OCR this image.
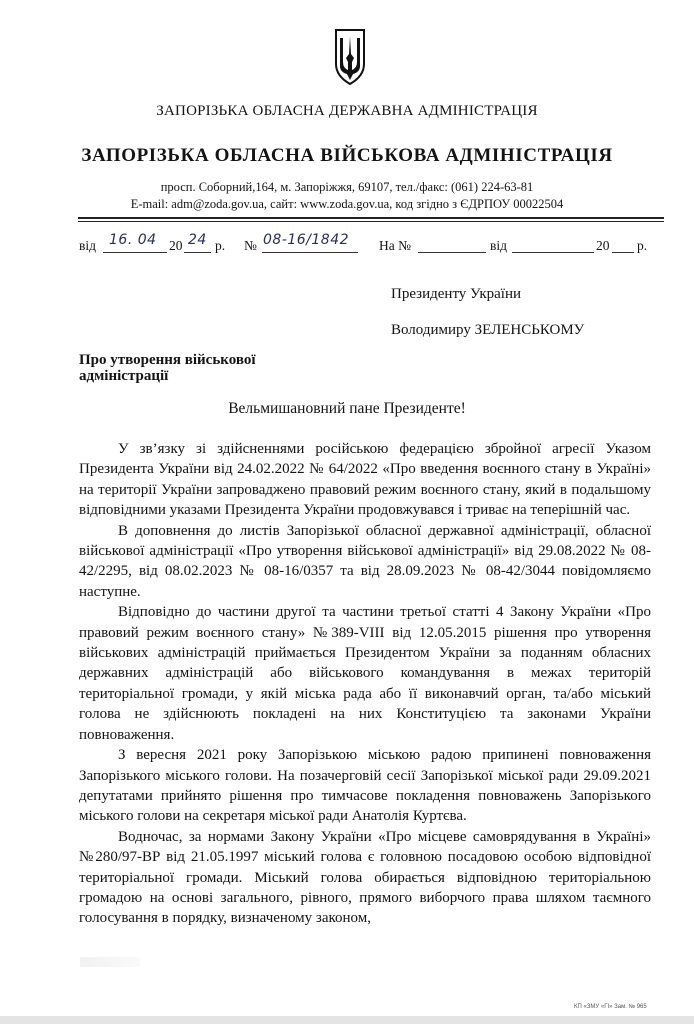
ЗАПОРІЗЬКА ОБЛАСНА ДЕРЖАВНА АДМІНІСТРАЦІЯ
ЗАПОРІЗЬКА ОБЛАСНА ВІЙСЬКОВА АДМІНІСТРАЦІЯ
просп. Соборний,164, м. Запоріжжя, 69107, тел./факс: (061) 224-63-81
E-mail: adm@zoda.gov.ua, сайт: www.zoda.gov.ua, код згідно з ЄДРПОУ 00022504
від 16. 04 20 24 р. № 08-16/1842 На №	від	20 р.
Президенту України
Володимиру ЗЕЛЕНСЬКОМУ
Про утворення військової
адміністрації
Вельмишановний пане Президенте!

У зв’язку зі здійсненнями російською федерацією збройної агресії Указом Президента України від 24.02.2022 № 64/2022 «Про введення воєнного стану в Україні» на території України запроваджено правовий режим воєнного стану, який в подальшому відповідними указами Президента України продовжувався і триває на теперішній час.

В доповнення до листів Запорізької обласної державної адміністрації, обласної військової адміністрації «Про утворення військової адміністрації» від 29.08.2022 № 08-42/2295, від 08.02.2023 № 08-16/0357 та від 28.09.2023 № 08-42/3044 повідомляємо наступне.

Відповідно до частини другої та частини третьої статті 4 Закону України «Про правовий режим воєнного стану» №389-VIII від 12.05.2015 рішення про утворення військових адміністрацій приймається Президентом України за поданням обласних державних адміністрацій або військового командування в межах територій територіальної громади, у якій міська рада або її виконавчий орган, та/або міський голова не здійснюють покладені на них Конституцією та законами України повноваження.

З вересня 2021 року Запорізькою міською радою припинені повноваження Запорізького міського голови. На позачерговій сесії Запорізької міської ради 29.09.2021 депутатами прийнято рішення про тимчасове покладення повноважень Запорізького міського голови на секретаря міської ради Анатолія Куртєва.

Водночас, за нормами Закону України «Про місцеве самоврядування в Україні» №280/97-ВР від 21.05.1997 міський голова є головною посадовою особою відповідної територіальної громади. Міський голова обирається відповідною територіальною громадою на основі загального, рівного, прямого виборчого права шляхом таємного голосування в порядку, визначеному законом,

КП «ЗМУ «ГІ» Зам. № 965
